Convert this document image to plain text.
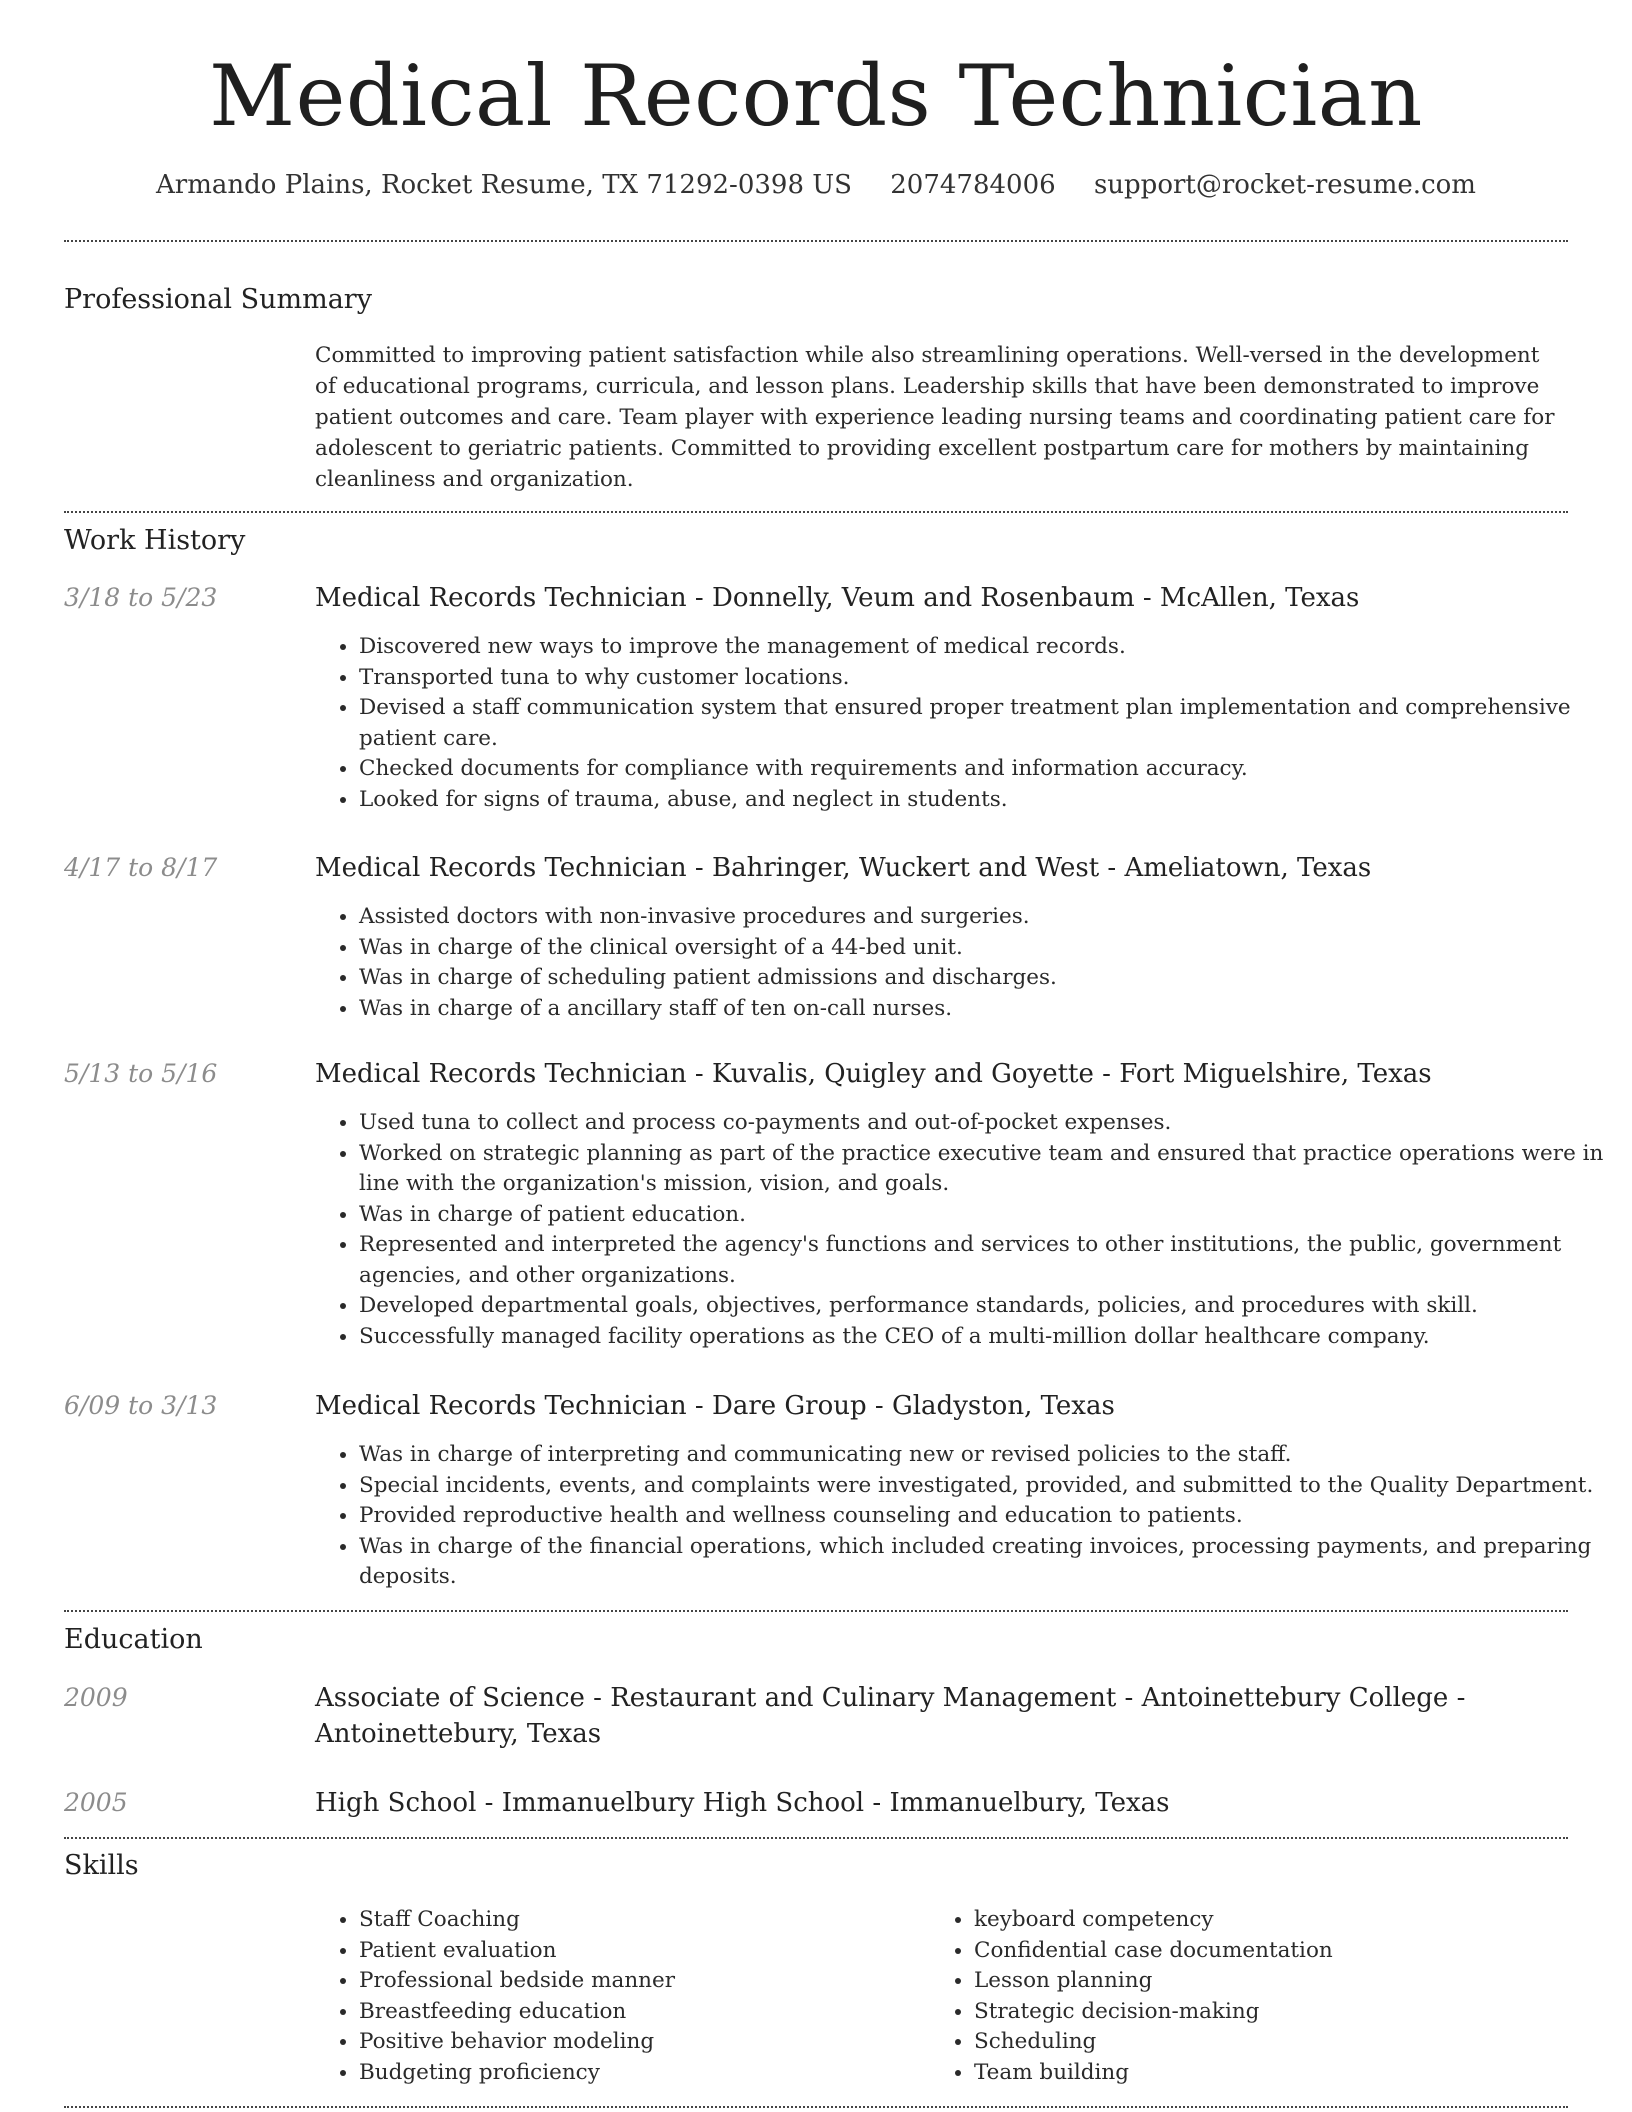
Medical Records Technician
Armando Plains, Rocket Resume, TX 71292-0398 US 2074784006 support@rocket-resume.com
Professional Summary

Committed to improving patient satisfaction while also streamlining operations. Well-versed in the development of educational programs, curricula, and lesson plans. Leadership skills that have been demonstrated to improve patient outcomes and care. Team player with experience leading nursing teams and coordinating patient care for adolescent to geriatric patients. Committed to providing excellent postpartum care for mothers by maintaining cleanliness and organization.

Work History
3/18 to 5/23	Medical Records Technician - Donnelly, Veum and Rosenbaum - McAllen, Texas
• Discovered new ways to improve the management of medical records.
• Transported tuna to why customer locations.
• Devised a staff communication system that ensured proper treatment plan implementation and comprehensive patient care.
• Checked documents for compliance with requirements and information accuracy.
• Looked for signs of trauma, abuse, and neglect in students.
4/17 to 8/17	Medical Records Technician - Bahringer, Wuckert and West - Ameliatown, Texas
• Assisted doctors with non-invasive procedures and surgeries.
• Was in charge of the clinical oversight of a 44-bed unit.
• Was in charge of scheduling patient admissions and discharges.
• Was in charge of a ancillary staff of ten on-call nurses.
5/13 to 5/16	Medical Records Technician - Kuvalis, Quigley and Goyette - Fort Miguelshire, Texas
• Used tuna to collect and process co-payments and out-of-pocket expenses.
• Worked on strategic planning as part of the practice executive team and ensured that practice operations were in line with the organization's mission, vision, and goals.
• Was in charge of patient education.
• Represented and interpreted the agency's functions and services to other institutions, the public, government agencies, and other organizations.
• Developed departmental goals, objectives, performance standards, policies, and procedures with skill.
• Successfully managed facility operations as the CEO of a multi-million dollar healthcare company.
6/09 to 3/13	Medical Records Technician - Dare Group - Gladyston, Texas
• Was in charge of interpreting and communicating new or revised policies to the staff.
• Special incidents, events, and complaints were investigated, provided, and submitted to the Quality Department.
• Provided reproductive health and wellness counseling and education to patients.
• Was in charge of the financial operations, which included creating invoices, processing payments, and preparing deposits.
Education
2009	Associate of Science - Restaurant and Culinary Management - Antoinettebury College - Antoinettebury, Texas
2005	High School - Immanuelbury High School - Immanuelbury, Texas
Skills
• Staff Coaching
• Patient evaluation
• Professional bedside manner
• Breastfeeding education
• Positive behavior modeling
• Budgeting proficiency
• keyboard competency
• Confidential case documentation
• Lesson planning
• Strategic decision-making
• Scheduling
• Team building
